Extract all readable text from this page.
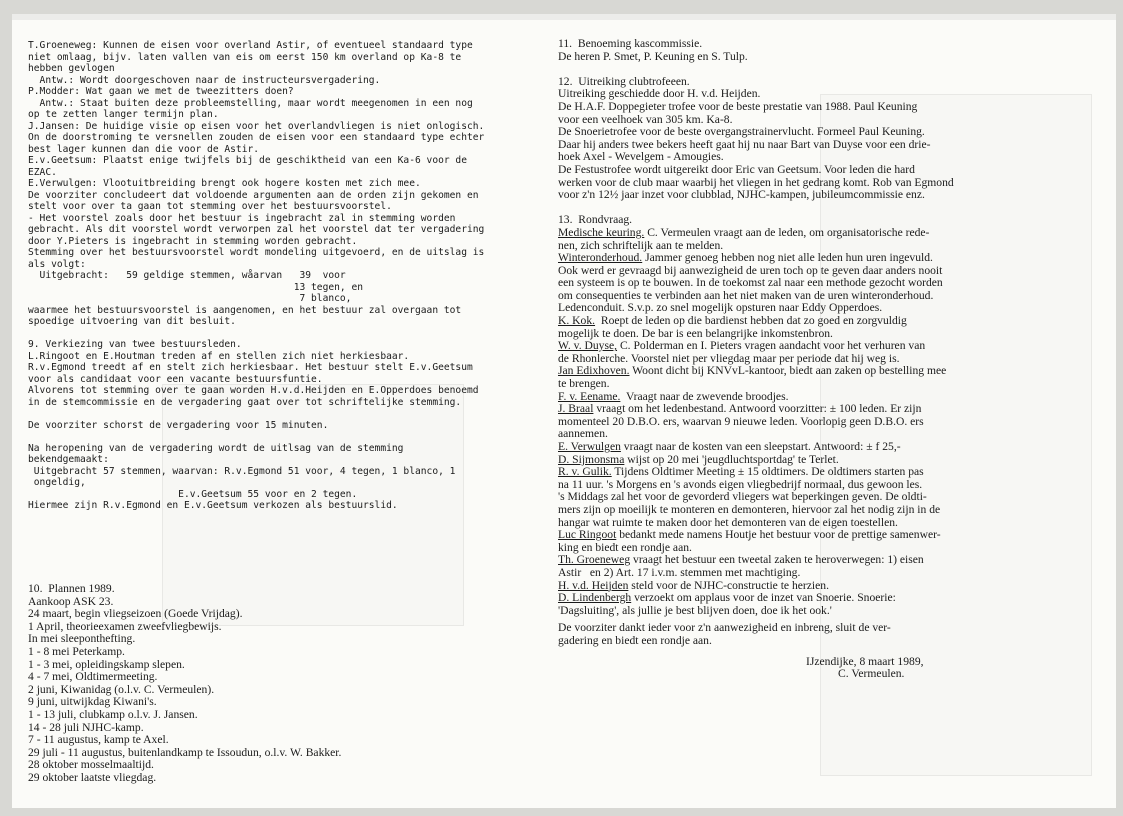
T.Groeneweg: Kunnen de eisen voor overland Astir, of eventueel standaard type
niet omlaag, bijv. laten vallen van eis om eerst 150 km overland op Ka-8 te
hebben gevlogen
Antw.: Wordt doorgeschoven naar de instructeursvergadering.
P.Modder: Wat gaan we met de tweezitters doen?
Antw.: Staat buiten deze probleemstelling, maar wordt meegenomen in een nog
op te zetten langer termijn plan.
J.Jansen: De huidige visie op eisen voor het overlandvliegen is niet onlogisch.
On de doorstroming te versnellen zouden de eisen voor een standaard type echter
best lager kunnen dan die voor de Astir.
E.v.Geetsum: Plaatst enige twijfels bij de geschiktheid van een Ka-6 voor de
EZAC.
E.Verwulgen: Vlootuitbreiding brengt ook hogere kosten met zich mee.
De voorziter concludeert dat voldoende argumenten aan de orden zijn gekomen en
stelt voor over ta gaan tot stemming over het bestuursvoorstel.
- Het voorstel zoals door het bestuur is ingebracht zal in stemming worden
gebracht. Als dit voorstel wordt verworpen zal het voorstel dat ter vergadering
door Y.Pieters is ingebracht in stemming worden gebracht.
Stemming over het bestuursvoorstel wordt mondeling uitgevoerd, en de uitslag is
als volgt:
Uitgebracht:   59 geldige stemmen, wåarvan   39  voor
13 tegen, en
7 blanco,
waarmee het bestuursvoorstel is aangenomen, en het bestuur zal overgaan tot
spoedige uitvoering van dit besluit.
9. Verkiezing van twee bestuursleden.
L.Ringoot en E.Houtman treden af en stellen zich niet herkiesbaar.
R.v.Egmond treedt af en stelt zich herkiesbaar. Het bestuur stelt E.v.Geetsum
voor als candidaat voor een vacante bestuursfuntie.
Alvorens tot stemming over te gaan worden H.v.d.Heijden en E.Opperdoes benoemd
in de stemcommissie en de vergadering gaat over tot schriftelijke stemming.
De voorziter schorst de vergadering voor 15 minuten.
Na heropening van de vergadering wordt de uitlsag van de stemming
bekendgemaakt:
Uitgebracht 57 stemmen, waarvan: R.v.Egmond 51 voor, 4 tegen, 1 blanco, 1
ongeldig,
E.v.Geetsum 55 voor en 2 tegen.
Hiermee zijn R.v.Egmond en E.v.Geetsum verkozen als bestuurslid.
10.  Plannen 1989.
Aankoop ASK 23.
24 maart, begin vliegseizoen (Goede Vrijdag).
1 April, theorieexamen zweefvliegbewijs.
In mei sleeponthefting.
1 - 8 mei Peterkamp.
1 - 3 mei, opleidingskamp slepen.
4 - 7 mei, Oldtimermeeting.
2 juni, Kiwanidag (o.l.v. C. Vermeulen).
9 juni, uitwijkdag Kiwani's.
1 - 13 juli, clubkamp o.l.v. J. Jansen.
14 - 28 juli NJHC-kamp.
7 - 11 augustus, kamp te Axel.
29 juli - 11 augustus, buitenlandkamp te Issoudun, o.l.v. W. Bakker.
28 oktober mosselmaaltijd.
29 oktober laatste vliegdag.
11.  Benoeming kascommissie.
De heren P. Smet, P. Keuning en S. Tulp.
12.  Uitreiking clubtrofeeen.
Uitreiking geschiedde door H. v.d. Heijden.
De H.A.F. Doppegieter trofee voor de beste prestatie van 1988. Paul Keuning
voor een veelhoek van 305 km. Ka-8.
De Snoerietrofee voor de beste overgangstrainervlucht. Formeel Paul Keuning.
Daar hij anders twee bekers heeft gaat hij nu naar Bart van Duyse voor een drie-
hoek Axel - Wevelgem - Amougies.
De Festustrofee wordt uitgereikt door Eric van Geetsum. Voor leden die hard
werken voor de club maar waarbij het vliegen in het gedrang komt. Rob van Egmond
voor z'n 12½ jaar inzet voor clubblad, NJHC-kampen, jubileumcommissie enz.
13.  Rondvraag.
Medische keuring. C. Vermeulen vraagt aan de leden, om organisatorische rede-
nen, zich schriftelijk aan te melden.
Winteronderhoud. Jammer genoeg hebben nog niet alle leden hun uren ingevuld.
Ook werd er gevraagd bij aanwezigheid de uren toch op te geven daar anders nooit
een systeem is op te bouwen. In de toekomst zal naar een methode gezocht worden
om consequenties te verbinden aan het niet maken van de uren winteronderhoud.
Ledenconduit. S.v.p. zo snel mogelijk opsturen naar Eddy Opperdoes.
K. Kok.  Roept de leden op die bardienst hebben dat zo goed en zorgvuldig
mogelijk te doen. De bar is een belangrijke inkomstenbron.
W. v. Duyse, C. Polderman en I. Pieters vragen aandacht voor het verhuren van
de Rhonlerche. Voorstel niet per vliegdag maar per periode dat hij weg is.
Jan Edixhoven. Woont dicht bij KNVvL-kantoor, biedt aan zaken op bestelling mee
te brengen.
F. v. Eename.  Vraagt naar de zwevende broodjes.
J. Braal vraagt om het ledenbestand. Antwoord voorzitter: ± 100 leden. Er zijn
momenteel 20 D.B.O. ers, waarvan 9 nieuwe leden. Voorlopig geen D.B.O. ers
aannemen.
E. Verwulgen vraagt naar de kosten van een sleepstart. Antwoord: ± f 25,-
D. Sijmonsma wijst op 20 mei 'jeugdluchtsportdag' te Terlet.
R. v. Gulik. Tijdens Oldtimer Meeting ± 15 oldtimers. De oldtimers starten pas
na 11 uur. 's Morgens en 's avonds eigen vliegbedrijf normaal, dus gewoon les.
's Middags zal het voor de gevorderd vliegers wat beperkingen geven. De oldti-
mers zijn op moeilijk te monteren en demonteren, hiervoor zal het nodig zijn in de
hangar wat ruimte te maken door het demonteren van de eigen toestellen.
Luc Ringoot bedankt mede namens Houtje het bestuur voor de prettige samenwer-
king en biedt een rondje aan.
Th. Groeneweg vraagt het bestuur een tweetal zaken te heroverwegen: 1) eisen
Astir   en 2) Art. 17 i.v.m. stemmen met machtiging.
H. v.d. Heijden steld voor de NJHC-constructie te herzien.
D. Lindenbergh verzoekt om applaus voor de inzet van Snoerie. Snoerie:
'Dagsluiting', als jullie je best blijven doen, doe ik het ook.'
De voorziter dankt ieder voor z'n aanwezigheid en inbreng, sluit de ver-
gadering en biedt een rondje aan.
IJzendijke, 8 maart 1989,
C. Vermeulen.
